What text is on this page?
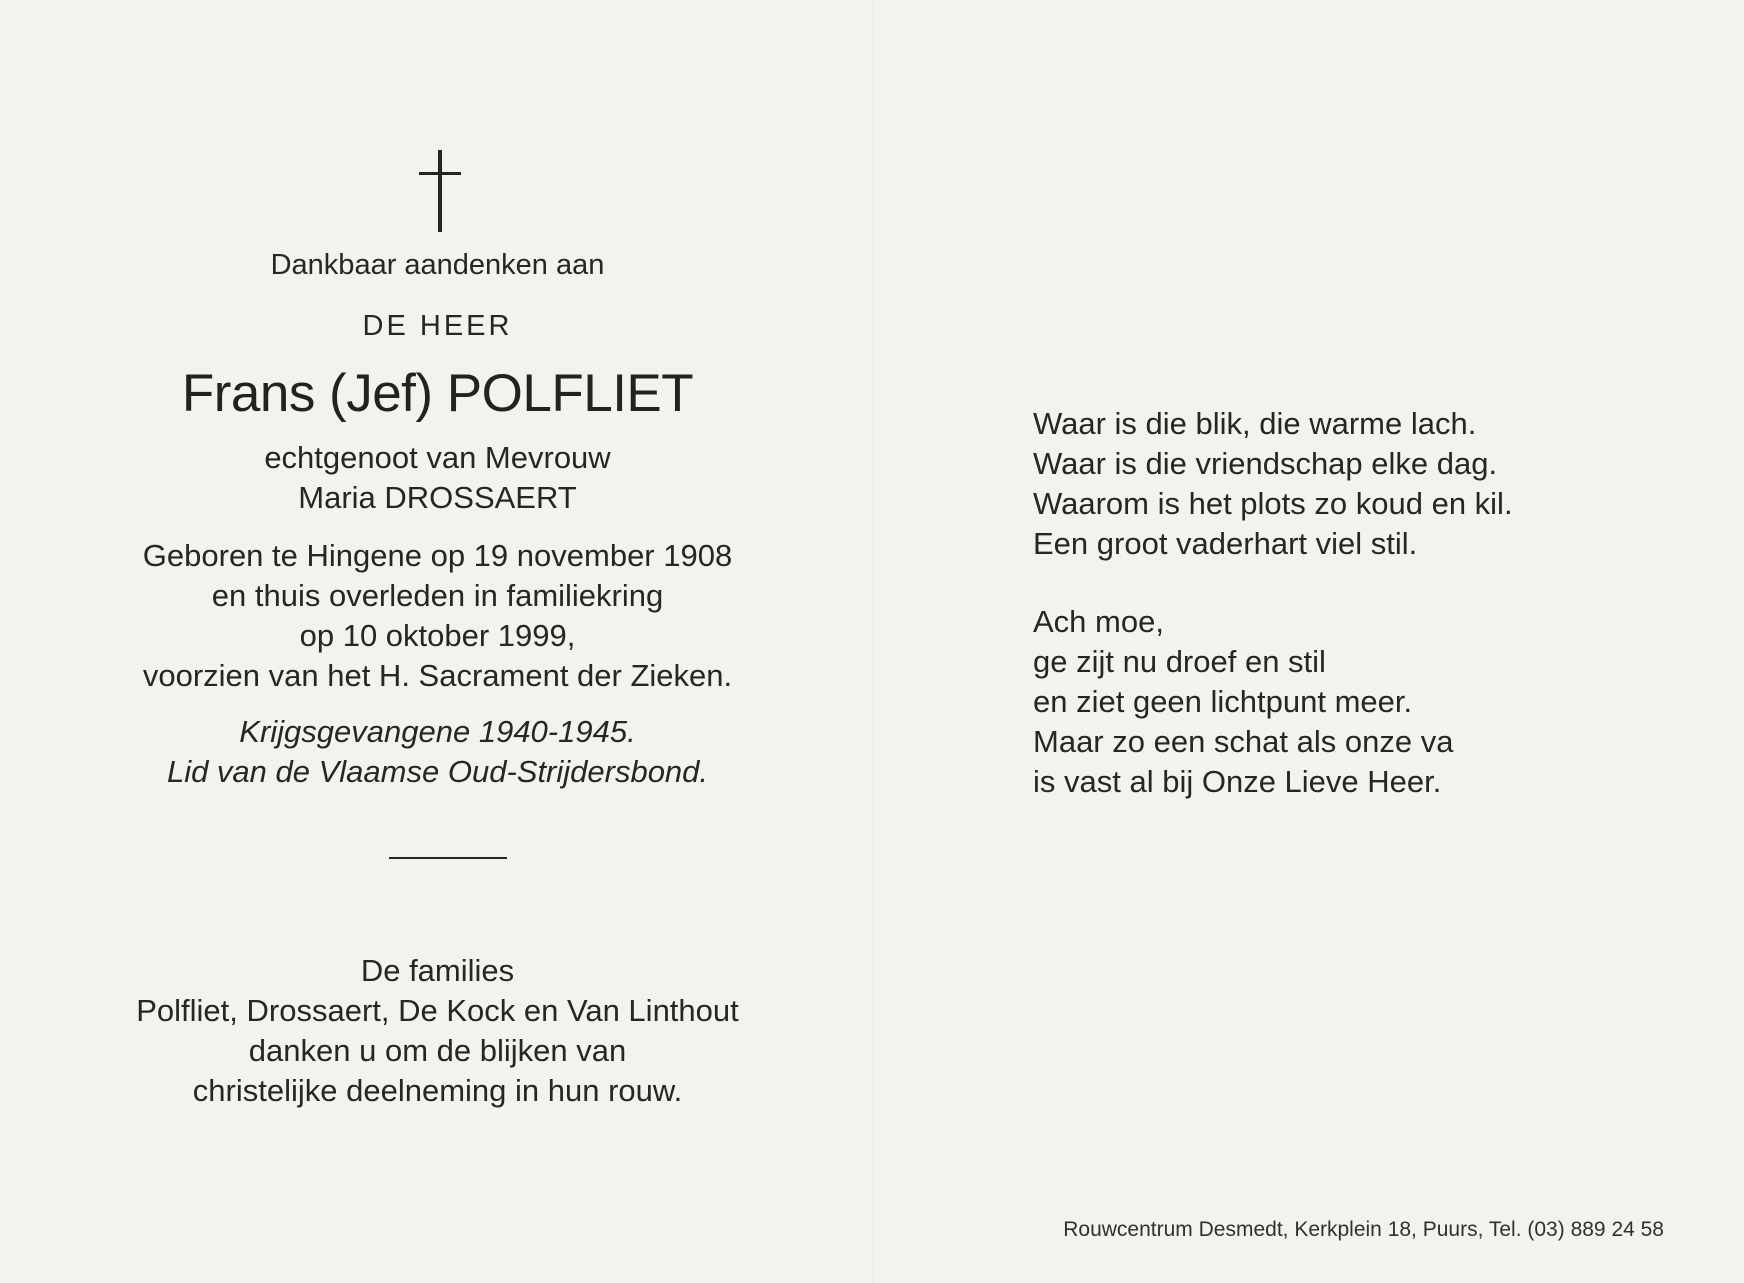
Dankbaar aandenken aan

DE HEER

Frans (Jef) POLFLIET

echtgenoot van Mevrouw

Maria DROSSAERT

Geboren te Hingene op 19 november 1908

en thuis overleden in familiekring

op 10 oktober 1999,

voorzien van het H. Sacrament der Zieken.

Krijgsgevangene 1940-1945.

Lid van de Vlaamse Oud-Strijdersbond.

De families

Polfliet, Drossaert, De Kock en Van Linthout

danken u om de blijken van

christelijke deelneming in hun rouw.

Waar is die blik, die warme lach.

Waar is die vriendschap elke dag.

Waarom is het plots zo koud en kil.

Een groot vaderhart viel stil.

Ach moe,

ge zijt nu droef en stil

en ziet geen lichtpunt meer.

Maar zo een schat als onze va

is vast al bij Onze Lieve Heer.

Rouwcentrum Desmedt, Kerkplein 18, Puurs, Tel. (03) 889 24 58
